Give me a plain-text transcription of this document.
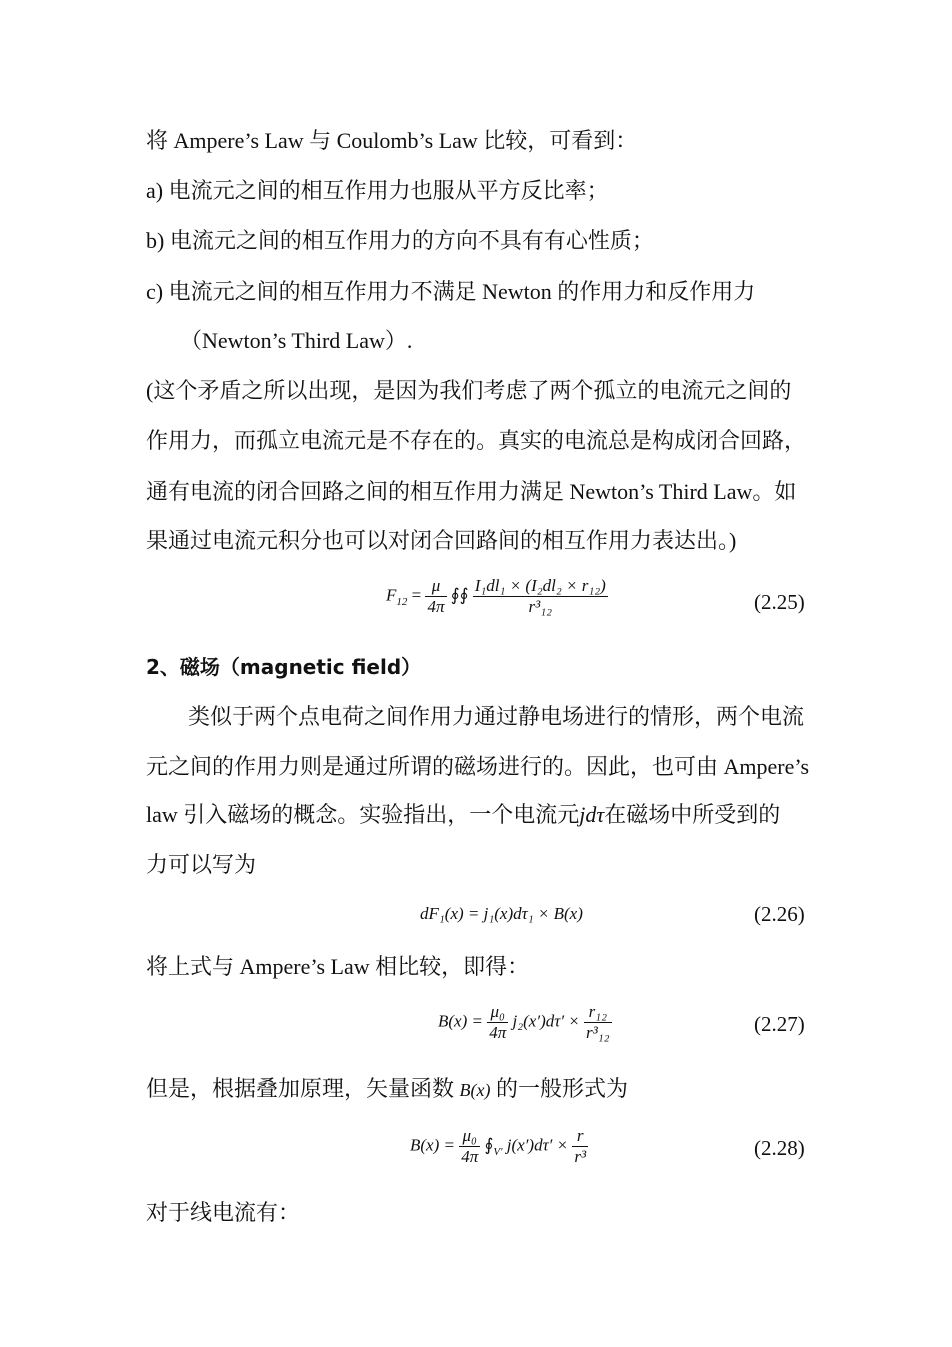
将 Ampere’s Law 与 Coulomb’s Law 比较，可看到：
a) 电流元之间的相互作用力也服从平方反比率；
b) 电流元之间的相互作用力的方向不具有有心性质；
c) 电流元之间的相互作用力不满足 Newton 的作用力和反作用力
（Newton’s Third Law）.
(这个矛盾之所以出现，是因为我们考虑了两个孤立的电流元之间的
作用力，而孤立电流元是不存在的。真实的电流总是构成闭合回路，
通有电流的闭合回路之间的相互作用力满足 Newton’s Third Law。如
果通过电流元积分也可以对闭合回路间的相互作用力表达出。)
$F_{12} = \frac{\mu}{4\pi}$ ∮∮ $\frac{\text{I₁dl₁ × (I₂dl₂ × r₁₂)}}{\text{r³₁₂}}$	(2.25)
2、磁场（magnetic field）
类似于两个点电荷之间作用力通过静电场进行的情形，两个电流
元之间的作用力则是通过所谓的磁场进行的。因此，也可由 Ampere’s
law 引入磁场的概念。实验指出，一个电流元jdτ在磁场中所受到的
力可以写为
dF₁(x) = j₁(x)dτ₁ × B(x)	(2.26)
将上式与 Ampere’s Law 相比较，即得：
$B(x) = \frac{\text{μ₀}}{4\pi} j_2(x')d\tau' \times \frac{\text{r₁₂}}{\text{r³₁₂}}$	(2.27)
但是，根据叠加原理，矢量函数 B(x) 的一般形式为
$B(x) = \frac{\text{μ₀}}{4\pi}$ $∮_{V'}$ $j(x')d\tau' \times \frac{r}{\text{r³}}$	(2.28)
对于线电流有：
